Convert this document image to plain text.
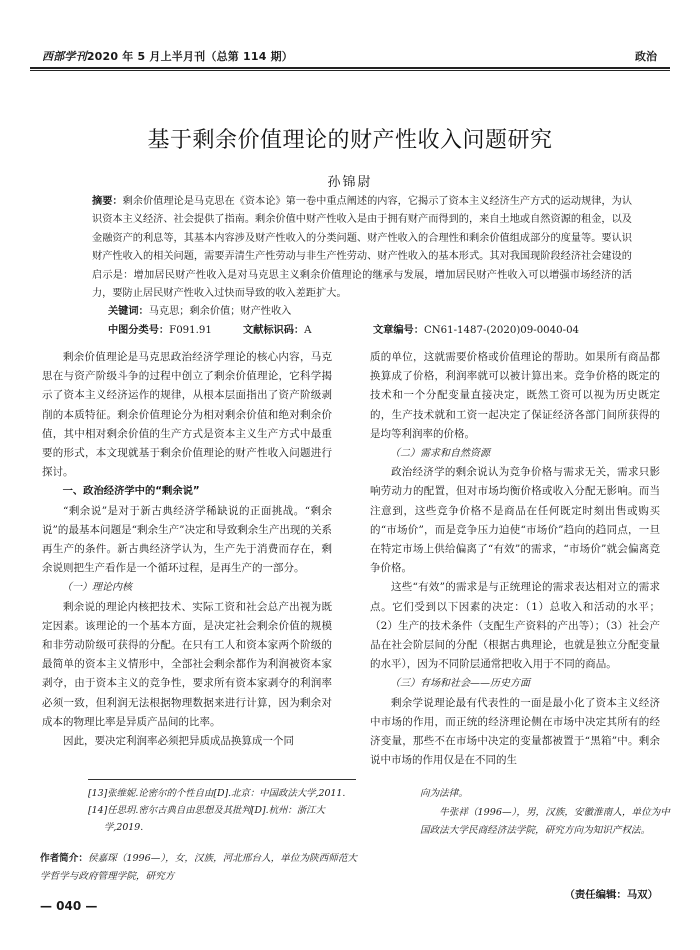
西部学刊2020 年 5 月上半月刊（总第 114 期）	政治
基于剩余价值理论的财产性收入问题研究
孙锦尉
摘要：剩余价值理论是马克思在《资本论》第一卷中重点阐述的内容，它揭示了资本主义经济生产方式的运动规律，为认识资本主义经济、社会提供了指南。剩余价值中财产性收入是由于拥有财产而得到的，来自土地或自然资源的租金，以及金融资产的利息等，其基本内容涉及财产性收入的分类问题、财产性收入的合理性和剩余价值组成部分的度量等。要认识财产性收入的相关问题，需要弄清生产性劳动与非生产性劳动、财产性收入的基本形式。其对我国现阶段经济社会建设的启示是：增加居民财产性收入是对马克思主义剩余价值理论的继承与发展，增加居民财产性收入可以增强市场经济的活力，要防止居民财产性收入过快而导致的收入差距扩大。
关键词：马克思；剩余价值；财产性收入
中图分类号：F091.91	文献标识码：A	文章编号：CN61-1487-(2020)09-0040-04

剩余价值理论是马克思政治经济学理论的核心内容，马克思在与资产阶级斗争的过程中创立了剩余价值理论，它科学揭示了资本主义经济运作的规律，从根本层面指出了资产阶级剥削的本质特征。剩余价值理论分为相对剩余价值和绝对剩余价值，其中相对剩余价值的生产方式是资本主义生产方式中最重要的形式，本文现就基于剩余价值理论的财产性收入问题进行探讨。

一、政治经济学中的“剩余说”

“剩余说”是对于新古典经济学稀缺说的正面挑战。“剩余说”的最基本问题是“剩余生产”决定和导致剩余生产出现的关系再生产的条件。新古典经济学认为，生产先于消费而存在，剩余说则把生产看作是一个循环过程，是再生产的一部分。

（一）理论内核

剩余说的理论内核把技术、实际工资和社会总产出视为既定因素。该理论的一个基本方面，是决定社会剩余价值的规模和非劳动阶级可获得的分配。在只有工人和资本家两个阶级的最简单的资本主义情形中，全部社会剩余都作为利润被资本家剥夺，由于资本主义的竞争性，要求所有资本家剥夺的利润率必须一致，但利润无法根据物理数据来进行计算，因为剩余对成本的物理比率是异质产品间的比率。

因此，要决定利润率必须把异质成品换算成一个同

质的单位，这就需要价格或价值理论的帮助。如果所有商品都换算成了价格，利润率就可以被计算出来。竞争价格的既定的技术和一个分配变量直接决定，既然工资可以视为历史既定的，生产技术就和工资一起决定了保证经济各部门间所获得的是均等利润率的价格。

（二）需求和自然资源

政治经济学的剩余说认为竞争价格与需求无关，需求只影响劳动力的配置，但对市场均衡价格或收入分配无影响。而当注意到，这些竞争价格不是商品在任何既定时刻出售或购买的“市场价”，而是竞争压力迫使“市场价”趋向的趋同点，一旦在特定市场上供给偏离了“有效”的需求，“市场价”就会偏离竞争价格。

这些“有效”的需求是与正统理论的需求表达相对立的需求点。它们受到以下因素的决定：（1）总收入和活动的水平；（2）生产的技术条件（支配生产资料的产出等）；（3）社会产品在社会阶层间的分配（根据古典理论，也就是独立分配变量的水平），因为不同阶层通常把收入用于不同的商品。

（三）有场和社会——历史方面

剩余学说理论最有代表性的一面是最小化了资本主义经济中市场的作用，而正统的经济理论侧在市场中决定其所有的经济变量，那些不在市场中决定的变量都被置于“黑箱”中。剩余说中市场的作用仅是在不同的生

[13]张维妮.论密尔的个性自由[D].北京：中国政法大学,2011.
[14]任思玥.密尔古典自由思想及其批判[D].杭州：浙江大学,2019.
作者简介：侯嘉琛（1996—），女，汉族，河北邢台人，单位为陕西师范大学哲学与政府管理学院，研究方
向为法律。
牛张祥（1996—），男，汉族，安徽淮南人，单位为中国政法大学民商经济法学院，研究方向为知识产权法。
（责任编辑：马双）
— 040 —
